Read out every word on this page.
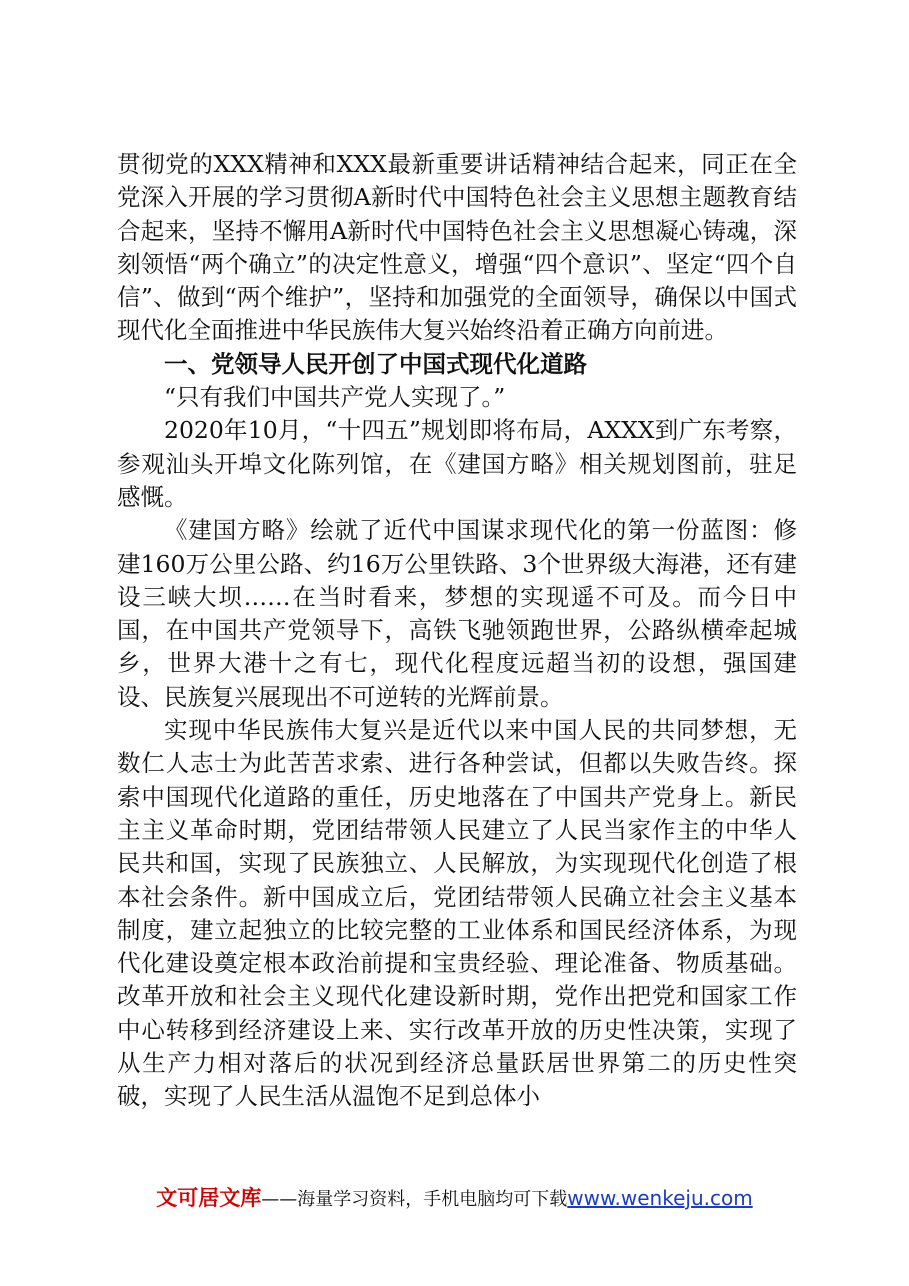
贯彻党的XXX精神和XXX最新重要讲话精神结合起来，同正在全党深入开展的学习贯彻A新时代中国特色社会主义思想主题教育结合起来，坚持不懈用A新时代中国特色社会主义思想凝心铸魂，深刻领悟“两个确立”的决定性意义，增强“四个意识”、坚定“四个自信”、做到“两个维护”，坚持和加强党的全面领导，确保以中国式现代化全面推进中华民族伟大复兴始终沿着正确方向前进。

一、党领导人民开创了中国式现代化道路

“只有我们中国共产党人实现了。”

2020年10月，“十四五”规划即将布局，AXXX到广东考察，参观汕头开埠文化陈列馆，在《建国方略》相关规划图前，驻足感慨。

《建国方略》绘就了近代中国谋求现代化的第一份蓝图：修建160万公里公路、约16万公里铁路、3个世界级大海港，还有建设三峡大坝……在当时看来，梦想的实现遥不可及。而今日中国，在中国共产党领导下，高铁飞驰领跑世界，公路纵横牵起城乡，世界大港十之有七，现代化程度远超当初的设想，强国建设、民族复兴展现出不可逆转的光辉前景。

实现中华民族伟大复兴是近代以来中国人民的共同梦想，无数仁人志士为此苦苦求索、进行各种尝试，但都以失败告终。探索中国现代化道路的重任，历史地落在了中国共产党身上。新民主主义革命时期，党团结带领人民建立了人民当家作主的中华人民共和国，实现了民族独立、人民解放，为实现现代化创造了根本社会条件。新中国成立后，党团结带领人民确立社会主义基本制度，建立起独立的比较完整的工业体系和国民经济体系，为现代化建设奠定根本政治前提和宝贵经验、理论准备、物质基础。改革开放和社会主义现代化建设新时期，党作出把党和国家工作中心转移到经济建设上来、实行改革开放的历史性决策，实现了从生产力相对落后的状况到经济总量跃居世界第二的历史性突破，实现了人民生活从温饱不足到总体小

文可居文库——海量学习资料，手机电脑均可下载www.wenkeju.com
